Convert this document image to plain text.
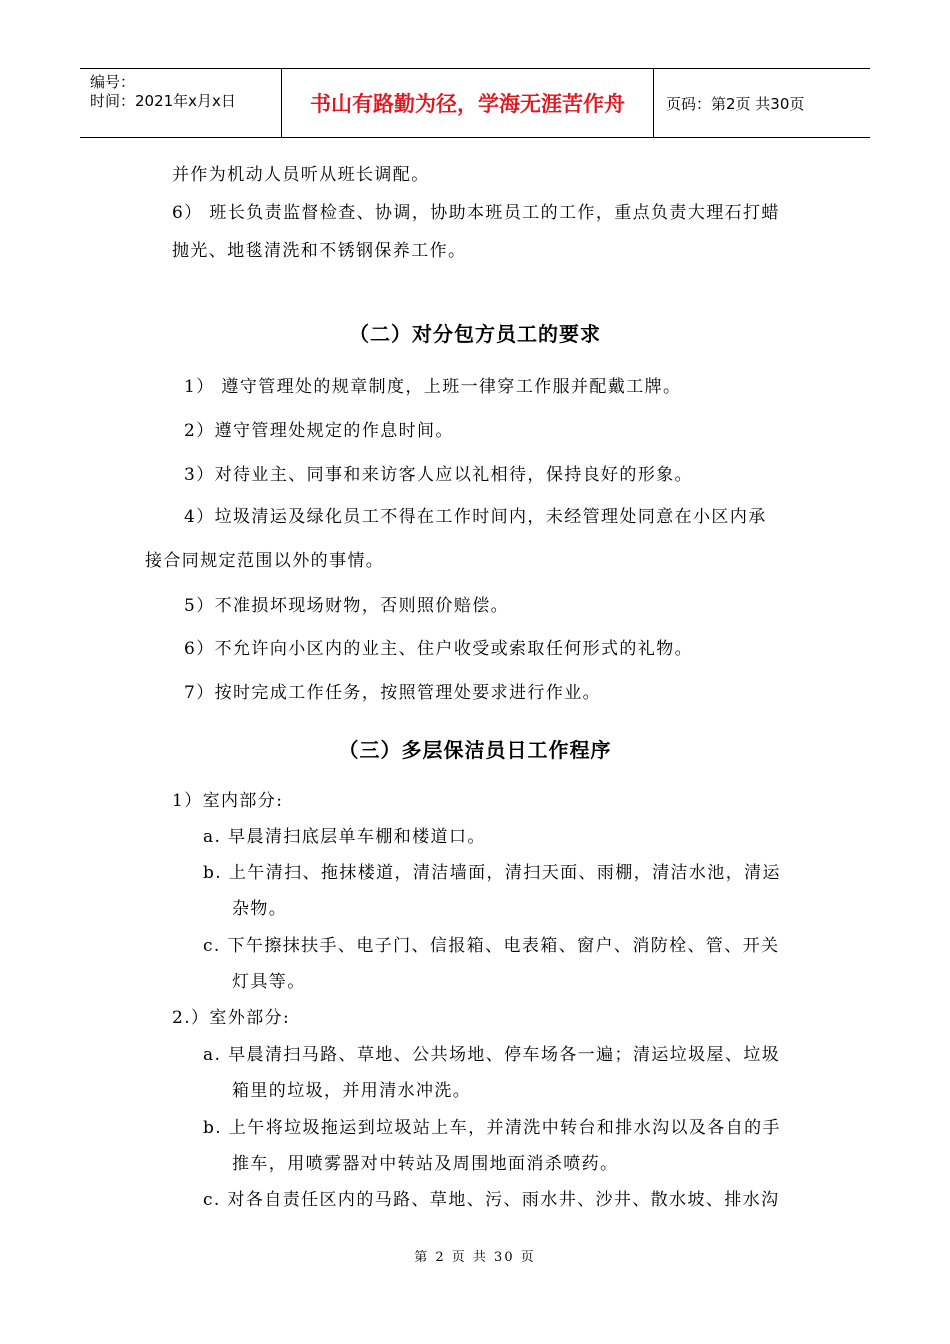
编号：
时间：2021年x月x日	书山有路勤为径，学海无涯苦作舟	页码：第2页 共30页
并作为机动人员听从班长调配。
6） 班长负责监督检查、协调，协助本班员工的工作，重点负责大理石打蜡
抛光、地毯清洗和不锈钢保养工作。
（二）对分包方员工的要求
1） 遵守管理处的规章制度，上班一律穿工作服并配戴工牌。
2）遵守管理处规定的作息时间。
3）对待业主、同事和来访客人应以礼相待，保持良好的形象。
4）垃圾清运及绿化员工不得在工作时间内，未经管理处同意在小区内承
接合同规定范围以外的事情。
5）不准损坏现场财物，否则照价赔偿。
6）不允许向小区内的业主、住户收受或索取任何形式的礼物。
7）按时完成工作任务，按照管理处要求进行作业。
（三）多层保洁员日工作程序
1）室内部分:
a. 早晨清扫底层单车棚和楼道口。
b. 上午清扫、拖抹楼道，清洁墙面，清扫天面、雨棚，清洁水池，清运
杂物。
c. 下午擦抹扶手、电子门、信报箱、电表箱、窗户、消防栓、管、开关
灯具等。
2.）室外部分:
a. 早晨清扫马路、草地、公共场地、停车场各一遍；清运垃圾屋、垃圾
箱里的垃圾，并用清水冲洗。
b. 上午将垃圾拖运到垃圾站上车，并清洗中转台和排水沟以及各自的手
推车，用喷雾器对中转站及周围地面消杀喷药。
c. 对各自责任区内的马路、草地、污、雨水井、沙井、散水坡、排水沟
第 2 页 共 30 页
